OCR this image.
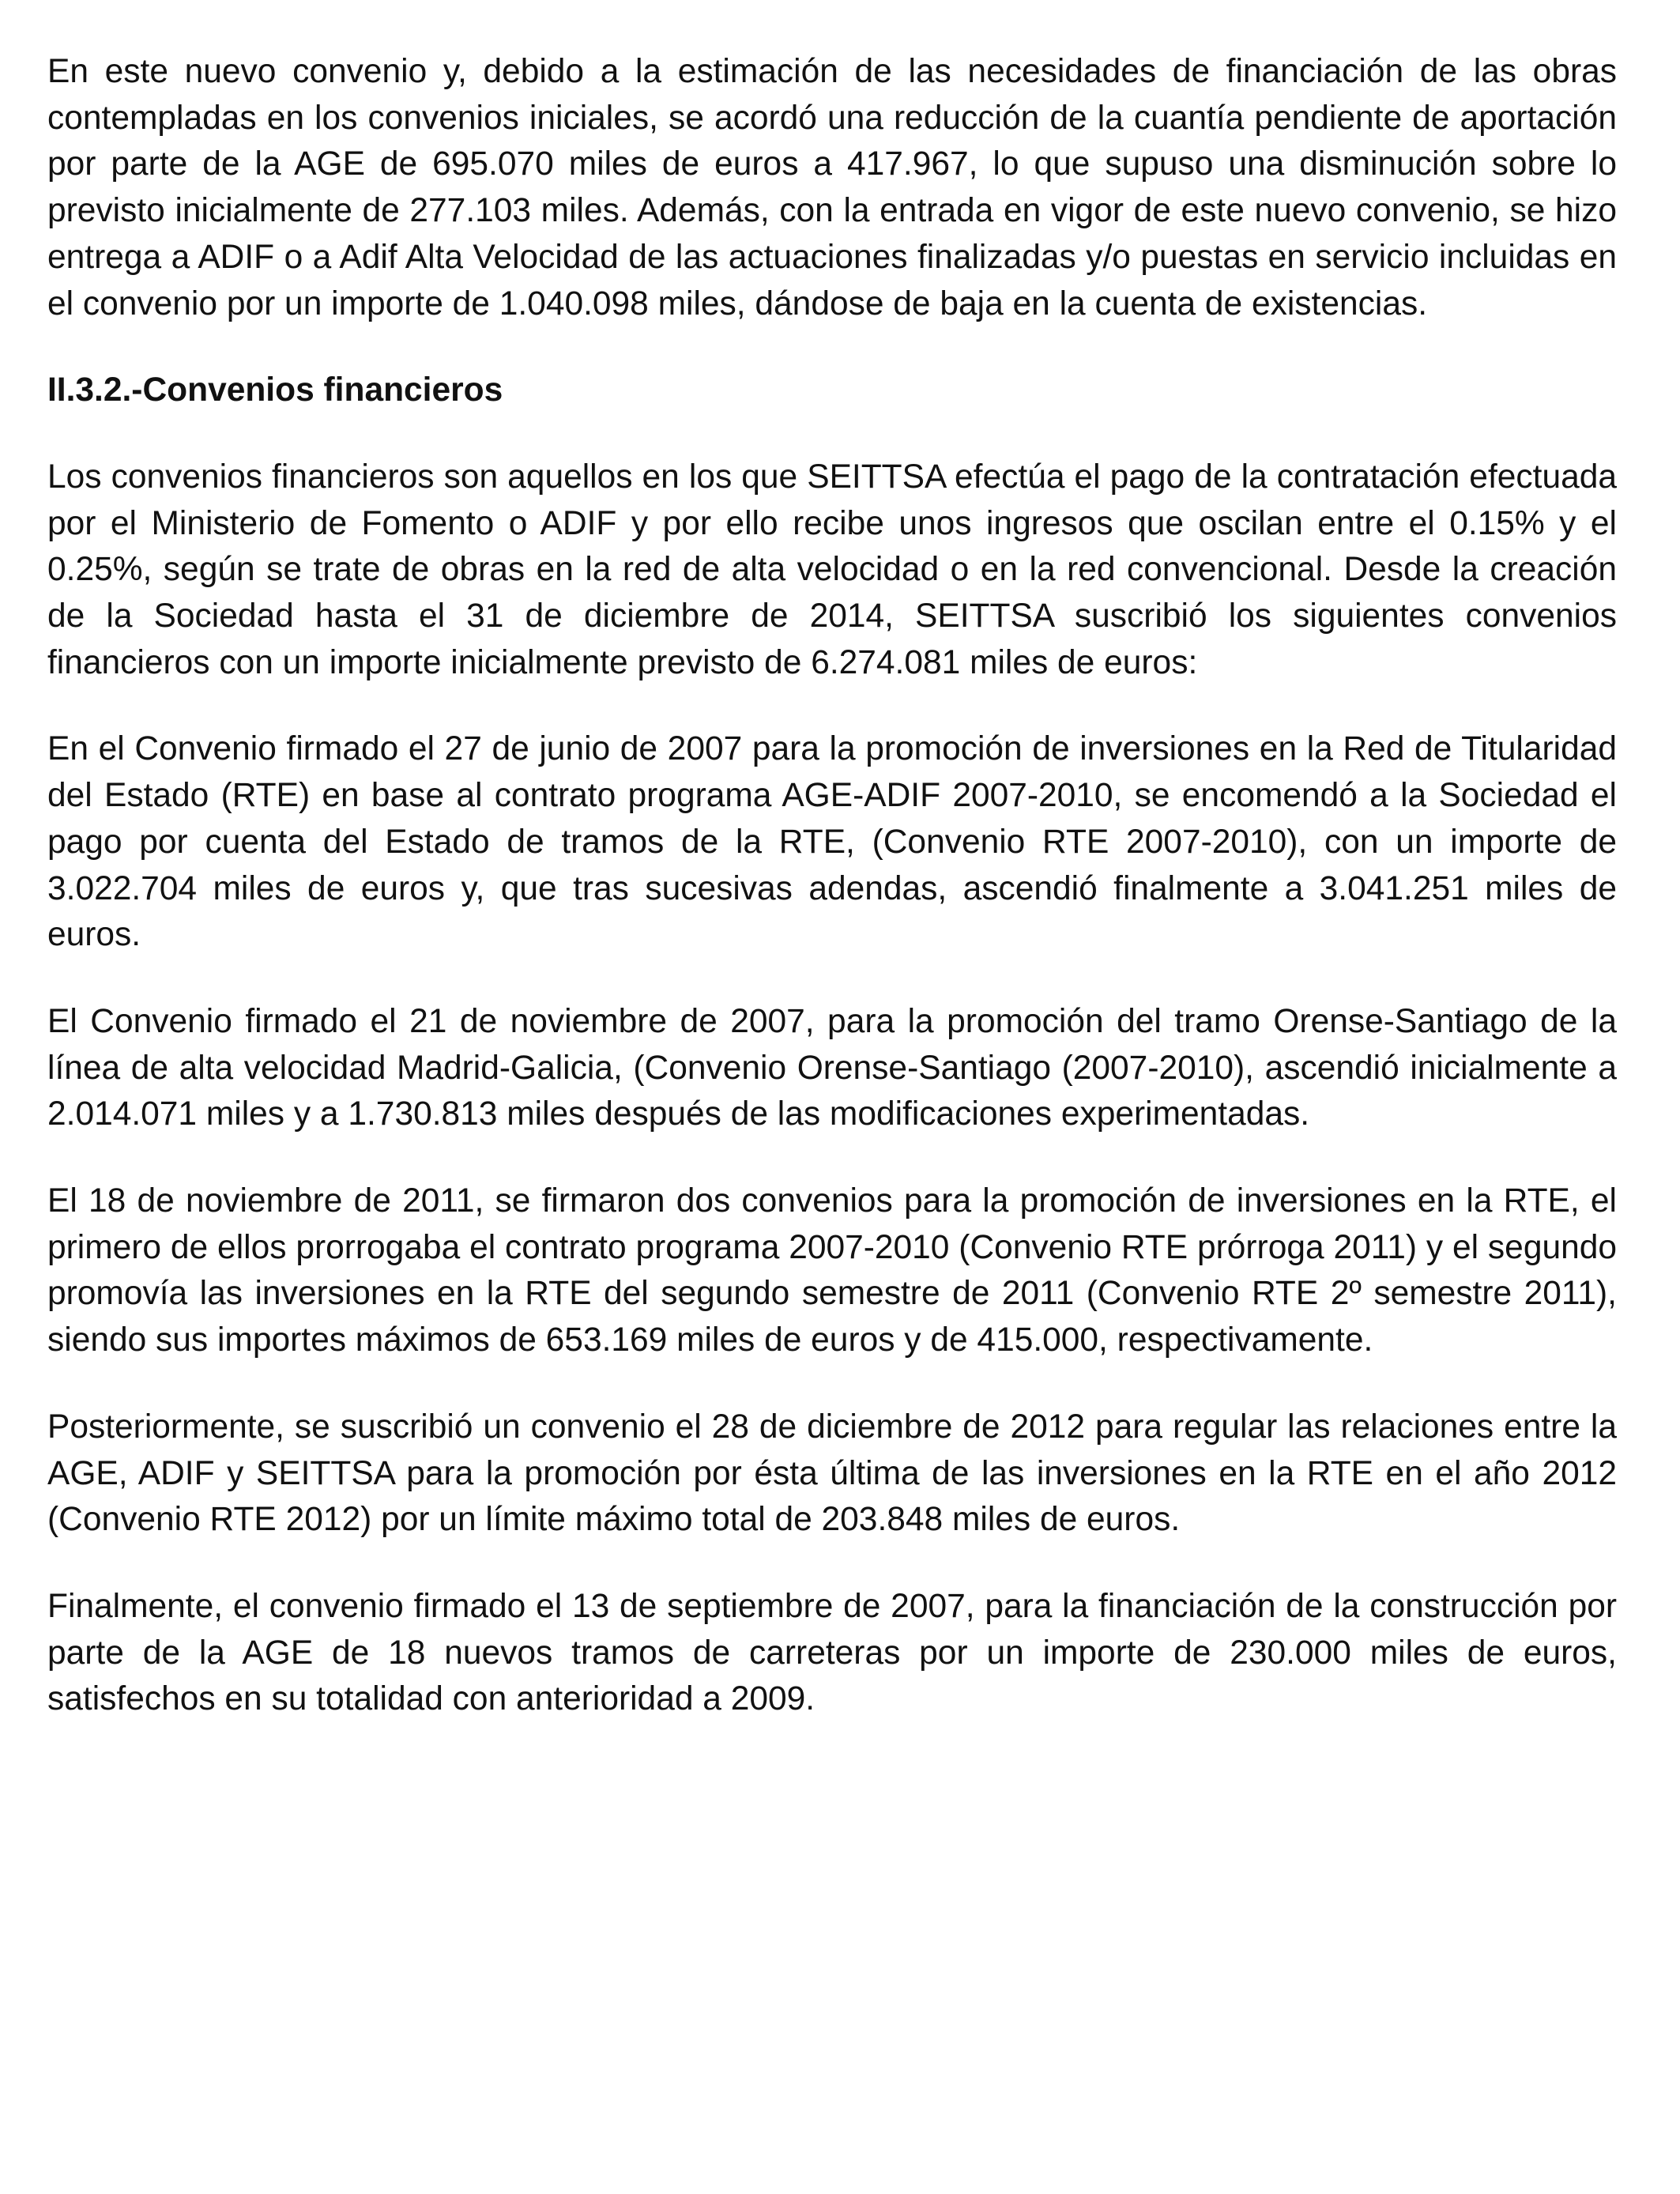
En este nuevo convenio y, debido a la estimación de las necesidades de financiación de las obras contempladas en los convenios iniciales, se acordó una reducción de la cuantía pendiente de aportación por parte de la AGE de 695.070 miles de euros a 417.967, lo que supuso una disminución sobre lo previsto inicialmente de 277.103 miles. Además, con la entrada en vigor de este nuevo convenio, se hizo entrega a ADIF o a Adif Alta Velocidad de las actuaciones finalizadas y/o puestas en servicio incluidas en el convenio por un importe de 1.040.098 miles, dándose de baja en la cuenta de existencias.

II.3.2.-Convenios financieros

Los convenios financieros son aquellos en los que SEITTSA efectúa el pago de la contratación efectuada por el Ministerio de Fomento o ADIF y por ello recibe unos ingresos que oscilan entre el 0.15% y el 0.25%, según se trate de obras en la red de alta velocidad o en la red convencional. Desde la creación de la Sociedad hasta el 31 de diciembre de 2014, SEITTSA suscribió los siguientes convenios financieros con un importe inicialmente previsto de 6.274.081 miles de euros:

En el Convenio firmado el 27 de junio de 2007 para la promoción de inversiones en la Red de Titularidad del Estado (RTE) en base al contrato programa AGE-ADIF 2007-2010, se encomendó a la Sociedad el pago por cuenta del Estado de tramos de la RTE, (Convenio RTE 2007-2010), con un importe de 3.022.704 miles de euros y, que tras sucesivas adendas, ascendió finalmente a 3.041.251 miles de euros.

El Convenio firmado el 21 de noviembre de 2007, para la promoción del tramo Orense-Santiago de la línea de alta velocidad Madrid-Galicia, (Convenio Orense-Santiago (2007-2010), ascendió inicialmente a 2.014.071 miles y a 1.730.813 miles después de las modificaciones experimentadas.

El 18 de noviembre de 2011, se firmaron dos convenios para la promoción de inversiones en la RTE, el primero de ellos prorrogaba el contrato programa 2007-2010 (Convenio RTE prórroga 2011) y el segundo promovía las inversiones en la RTE del segundo semestre de 2011 (Convenio RTE 2º semestre 2011), siendo sus importes máximos de 653.169 miles de euros y de 415.000, respectivamente.

Posteriormente, se suscribió un convenio el 28 de diciembre de 2012 para regular las relaciones entre la AGE, ADIF y SEITTSA para la promoción por ésta última de las inversiones en la RTE en el año 2012 (Convenio RTE 2012) por un límite máximo total de 203.848 miles de euros.

Finalmente, el convenio firmado el 13 de septiembre de 2007, para la financiación de la construcción por parte de la AGE de 18 nuevos tramos de carreteras por un importe de 230.000 miles de euros, satisfechos en su totalidad con anterioridad a 2009.
